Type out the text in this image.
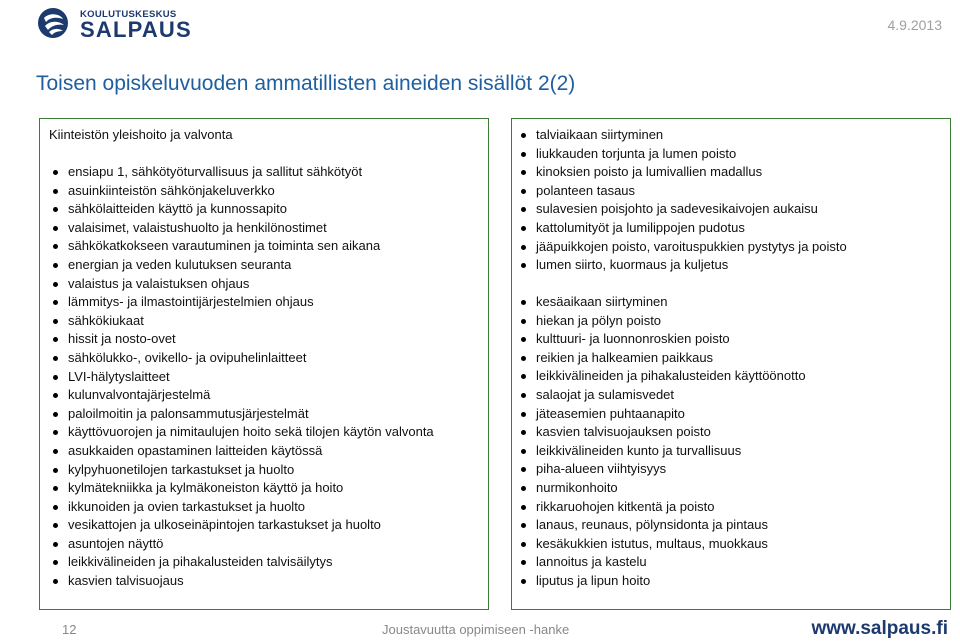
KOULUTUSKESKUS
SALPAUS	4.9.2013
Toisen opiskeluvuoden ammatillisten aineiden sisällöt 2(2)
Kiinteistön yleishoito ja valvonta
ensiapu 1, sähkötyöturvallisuus ja sallitut sähkötyöt
asuinkiinteistön sähkönjakeluverkko
sähkölaitteiden käyttö ja kunnossapito
valaisimet, valaistushuolto ja henkilönostimet
sähkökatkokseen varautuminen ja toiminta sen aikana
energian ja veden kulutuksen seuranta
valaistus ja valaistuksen ohjaus
lämmitys- ja ilmastointijärjestelmien ohjaus
sähkökiukaat
hissit ja nosto-ovet
sähkölukko-, ovikello- ja ovipuhelinlaitteet
LVI-hälytyslaitteet
kulunvalvontajärjestelmä
paloilmoitin ja palonsammutusjärjestelmät
käyttövuorojen ja nimitaulujen hoito sekä tilojen käytön valvonta
asukkaiden opastaminen laitteiden käytössä
kylpyhuonetilojen tarkastukset ja huolto
kylmätekniikka ja kylmäkoneiston käyttö ja hoito
ikkunoiden ja ovien tarkastukset ja huolto
vesikattojen ja ulkoseinäpintojen tarkastukset ja huolto
asuntojen näyttö
leikkivälineiden ja pihakalusteiden talvisäilytys
kasvien talvisuojaus
talviaikaan siirtyminen
liukkauden torjunta ja lumen poisto
kinoksien poisto ja lumivallien madallus
polanteen tasaus
sulavesien poisjohto ja sadevesikaivojen aukaisu
kattolumityöt ja lumilippojen pudotus
jääpuikkojen poisto, varoituspukkien pystytys ja poisto
lumen siirto, kuormaus ja kuljetus
kesäaikaan siirtyminen
hiekan ja pölyn poisto
kulttuuri- ja luonnonroskien poisto
reikien ja halkeamien paikkaus
leikkivälineiden ja pihakalusteiden käyttöönotto
salaojat ja sulamisvedet
jäteasemien puhtaanapito
kasvien talvisuojauksen poisto
leikkivälineiden kunto ja turvallisuus
piha-alueen viihtyisyys
nurmikonhoito
rikkaruohojen kitkentä ja poisto
lanaus, reunaus, pölynsidonta ja pintaus
kesäkukkien istutus, multaus, muokkaus
lannoitus ja kastelu
liputus ja lipun hoito
12	Joustavuutta oppimiseen -hanke	www.salpaus.fi
